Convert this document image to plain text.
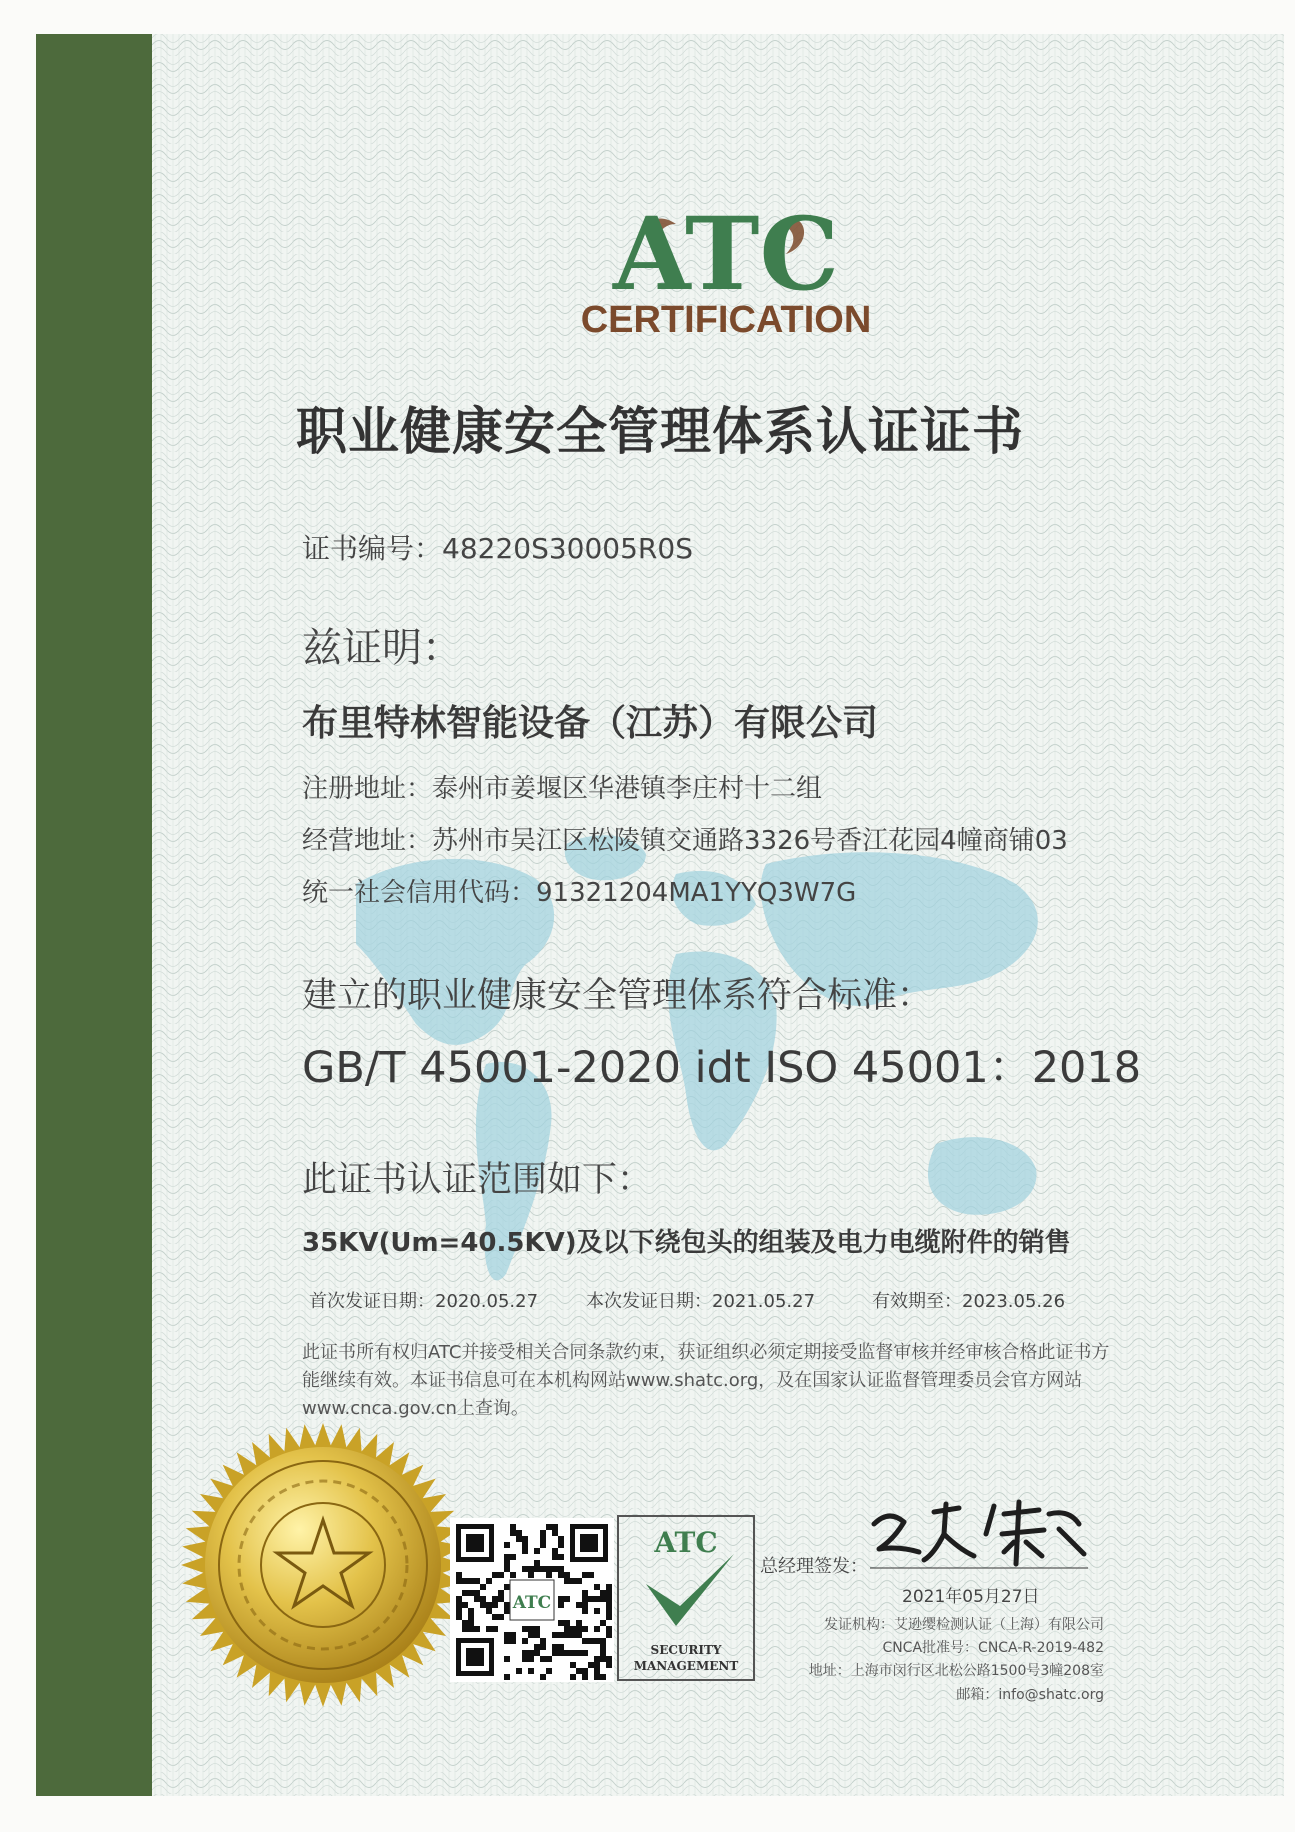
ATC
CERTIFICATION
职业健康安全管理体系认证证书
证书编号：48220S30005R0S
兹证明：
布里特林智能设备（江苏）有限公司
注册地址：泰州市姜堰区华港镇李庄村十二组
经营地址：苏州市吴江区松陵镇交通路3326号香江花园4幢商铺03
统一社会信用代码：91321204MA1YYQ3W7G
建立的职业健康安全管理体系符合标准：
GB/T 45001-2020 idt ISO 45001：2018
此证书认证范围如下：
35KV(Um=40.5KV)及以下绕包头的组装及电力电缆附件的销售
首次发证日期：2020.05.27	本次发证日期：2021.05.27	有效期至：2023.05.26
此证书所有权归ATC并接受相关合同条款约束，获证组织必须定期接受监督审核并经审核合格此证书方能继续有效。本证书信息可在本机构网站www.shatc.org，及在国家认证监督管理委员会官方网站www.cnca.gov.cn上查询。
ATC
ATC
SECURITY
MANAGEMENT
总经理签发：
2021年05月27日
发证机构：艾逊缨检测认证（上海）有限公司
CNCA批准号：CNCA-R-2019-482
地址：上海市闵行区北松公路1500号3幢208室
邮箱：info@shatc.org
